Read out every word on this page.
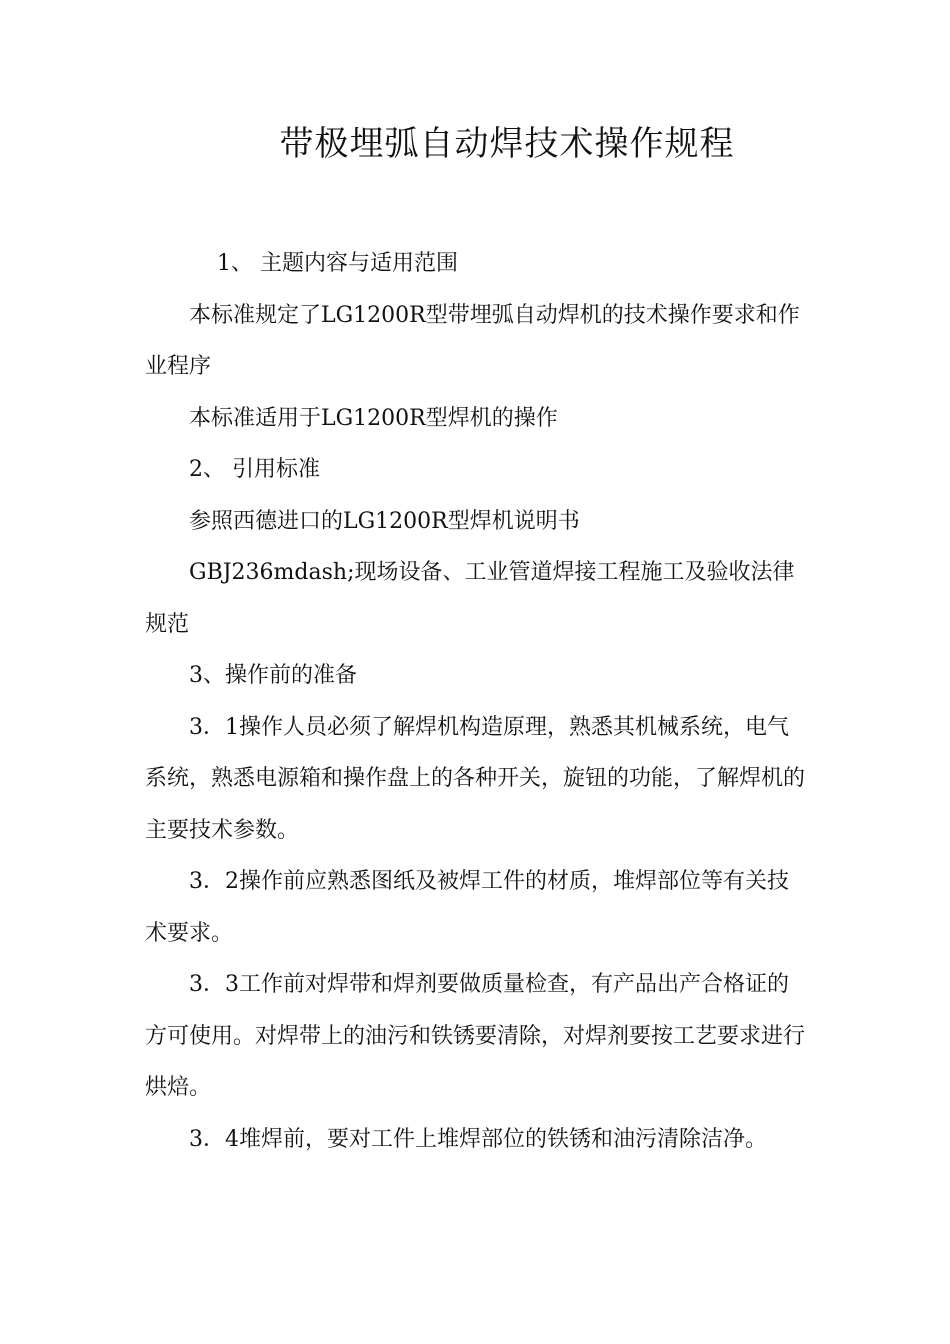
带极埋弧自动焊技术操作规程

1、 主题内容与适用范围

本标准规定了LG1200R型带埋弧自动焊机的技术操作要求和作业程序

本标准适用于LG1200R型焊机的操作

2、 引用标准

参照西德进口的LG1200R型焊机说明书

GBJ236mdash;现场设备、工业管道焊接工程施工及验收法律规范

3、操作前的准备

3．1操作人员必须了解焊机构造原理，熟悉其机械系统，电气系统，熟悉电源箱和操作盘上的各种开关，旋钮的功能，了解焊机的主要技术参数。

3．2操作前应熟悉图纸及被焊工件的材质，堆焊部位等有关技术要求。

3．3工作前对焊带和焊剂要做质量检查，有产品出产合格证的方可使用。对焊带上的油污和铁锈要清除，对焊剂要按工艺要求进行烘焙。

3．4堆焊前，要对工件上堆焊部位的铁锈和油污清除洁净。
